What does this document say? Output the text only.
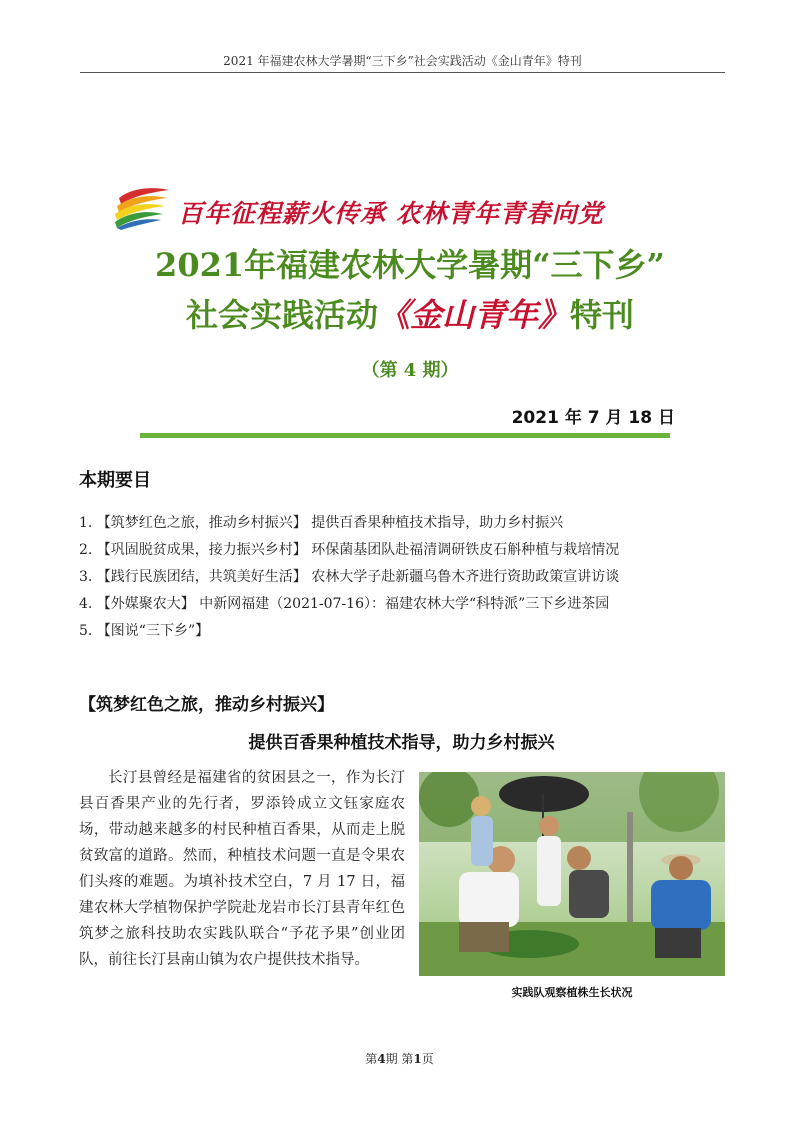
2021 年福建农林大学暑期“三下乡”社会实践活动《金山青年》特刊
百年征程薪火传承 农林青年青春向党
2021年福建农林大学暑期“三下乡”
社会实践活动《金山青年》特刊
（第 4 期）
2021 年 7 月 18 日
本期要目
1. 【筑梦红色之旅，推动乡村振兴】 提供百香果种植技术指导，助力乡村振兴
2. 【巩固脱贫成果，接力振兴乡村】 环保菌基团队赴福清调研铁皮石斛种植与栽培情况
3. 【践行民族团结，共筑美好生活】 农林大学子赴新疆乌鲁木齐进行资助政策宣讲访谈
4. 【外媒聚农大】 中新网福建（2021-07-16）：福建农林大学“科特派”三下乡进茶园
5. 【图说“三下乡”】
【筑梦红色之旅，推动乡村振兴】
提供百香果种植技术指导，助力乡村振兴

长汀县曾经是福建省的贫困县之一，作为长汀县百香果产业的先行者，罗添铃成立文钰家庭农场，带动越来越多的村民种植百香果，从而走上脱贫致富的道路。然而，种植技术问题一直是令果农们头疼的难题。为填补技术空白，7 月 17 日，福建农林大学植物保护学院赴龙岩市长汀县青年红色筑梦之旅科技助农实践队联合“予花予果”创业团队，前往长汀县南山镇为农户提供技术指导。

实践队观察植株生长状况
第4期 第1页
